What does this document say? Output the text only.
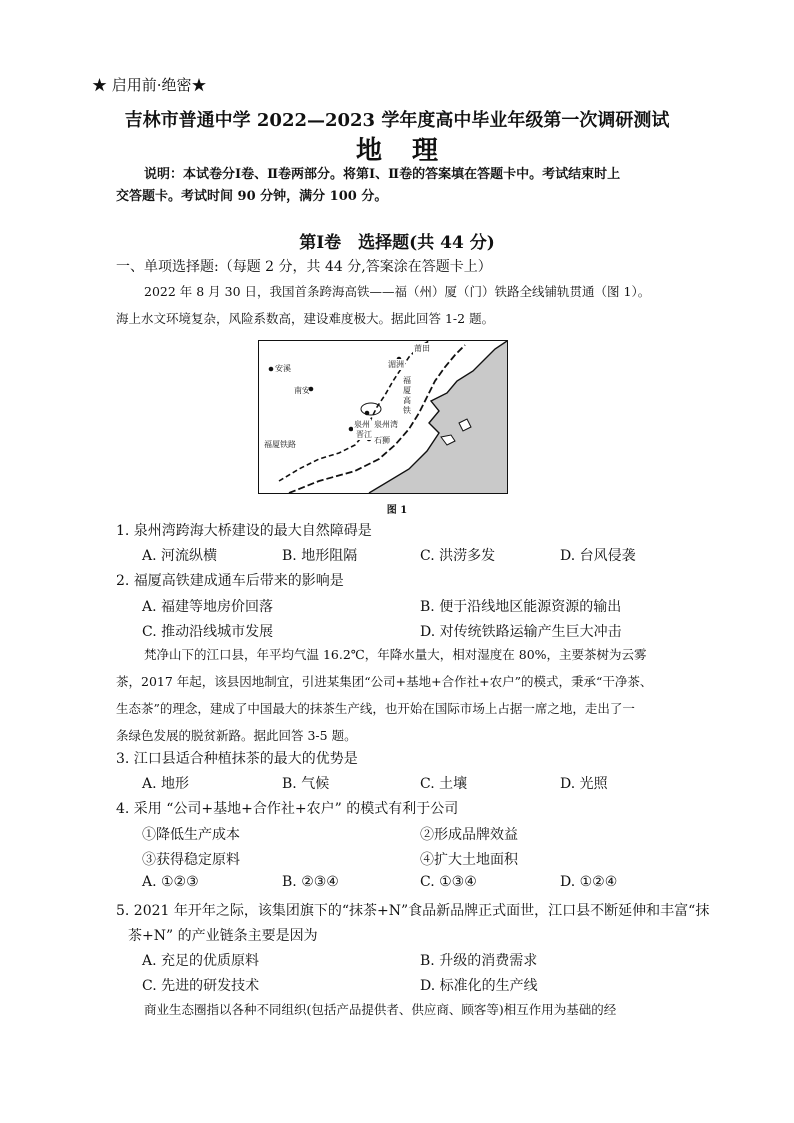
★ 启用前·绝密★
吉林市普通中学 2022—2023 学年度高中毕业年级第一次调研测试
地理
说明：本试卷分Ⅰ卷、Ⅱ卷两部分。将第Ⅰ、Ⅱ卷的答案填在答题卡中。考试结束时上
交答题卡。考试时间 90 分钟，满分 100 分。
第Ⅰ卷　选择题(共 44 分)
一、单项选择题:（每题 2 分，共 44 分,答案涂在答题卡上）

2022 年 8 月 30 日，我国首条跨海高铁——福（州）厦（门）铁路全线铺轨贯通（图 1）。

海上水文环境复杂，风险系数高，建设难度极大。据此回答 1-2 题。
安溪
南安
泉州 泉州湾
晋江
石狮
福厦铁路
湄洲
莆田
福
厦
高
铁
图 1
1. 泉州湾跨海大桥建设的最大自然障碍是
A. 河流纵横	B. 地形阻隔	C. 洪涝多发	D. 台风侵袭
2. 福厦高铁建成通车后带来的影响是
A. 福建等地房价回落	B. 便于沿线地区能源资源的输出
C. 推动沿线城市发展	D. 对传统铁路运输产生巨大冲击

梵净山下的江口县，年平均气温 16.2℃，年降水量大，相对湿度在 80%，主要茶树为云雾

茶，2017 年起，该县因地制宜，引进某集团“公司+基地+合作社+农户”的模式，秉承“干净茶、
生态茶”的理念，建成了中国最大的抹茶生产线，也开始在国际市场上占据一席之地，走出了一
条绿色发展的脱贫新路。据此回答 3-5 题。
3. 江口县适合种植抹茶的最大的优势是
A. 地形	B. 气候	C. 土壤	D. 光照
4. 采用 “公司+基地+合作社+农户” 的模式有利于公司
①降低生产成本	②形成品牌效益
③获得稳定原料	④扩大土地面积
A. ①②③	B. ②③④	C. ①③④	D. ①②④
5. 2021 年开年之际，该集团旗下的“抹茶+N”食品新品牌正式面世，江口县不断延伸和丰富“抹
茶+N” 的产业链条主要是因为
A. 充足的优质原料	B. 升级的消费需求
C. 先进的研发技术	D. 标准化的生产线

商业生态圈指以各种不同组织(包括产品提供者、供应商、顾客等)相互作用为基础的经
